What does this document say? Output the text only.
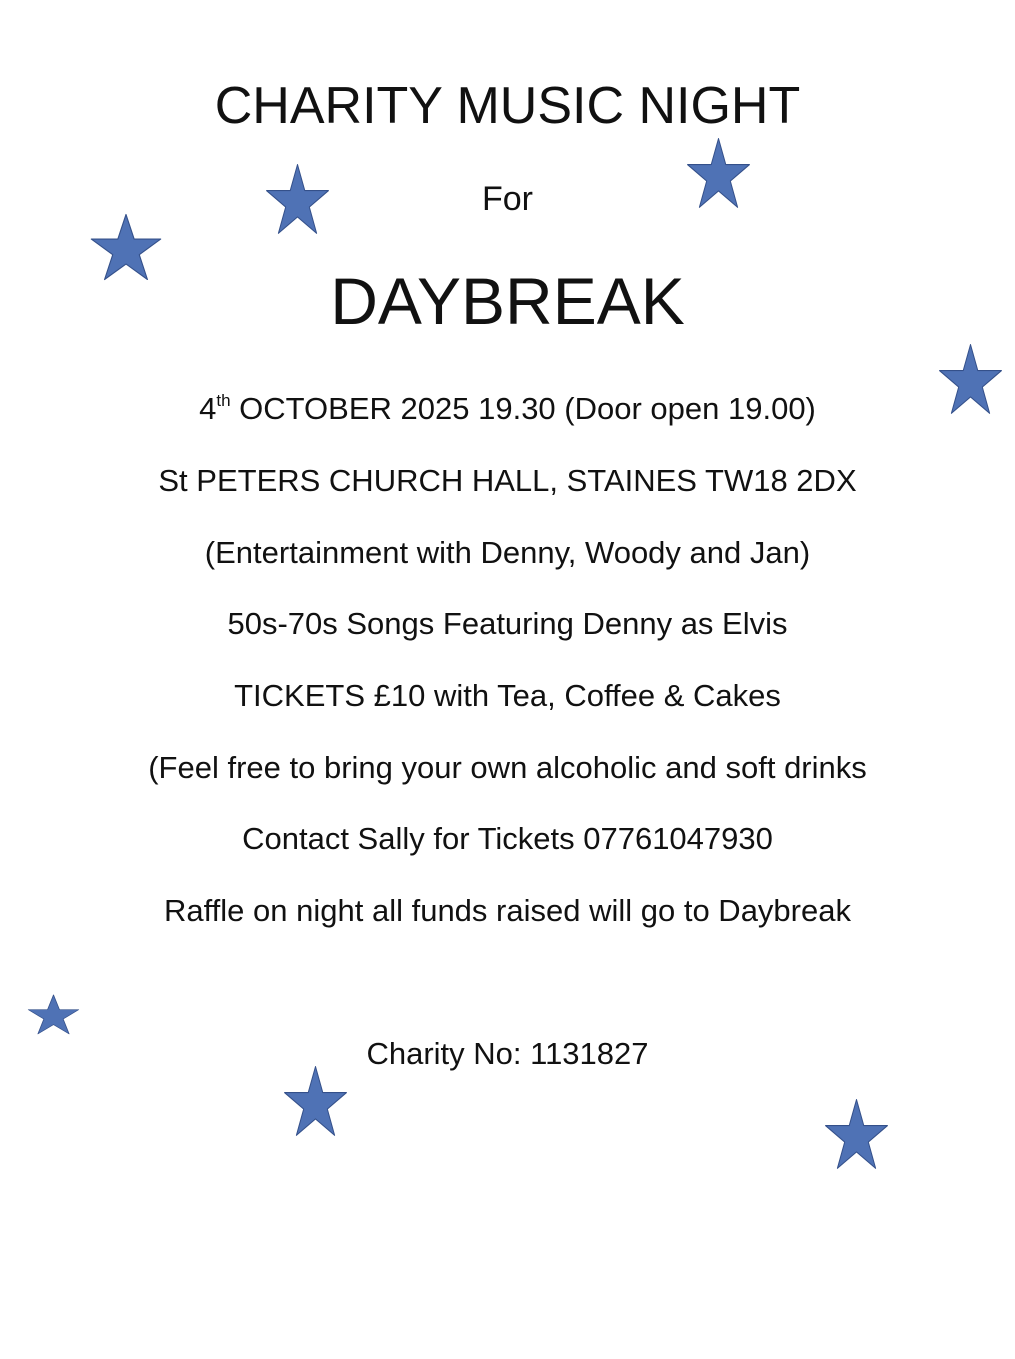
CHARITY MUSIC NIGHT
For
DAYBREAK
4th OCTOBER 2025 19.30 (Door open 19.00)
St PETERS CHURCH HALL, STAINES TW18 2DX
(Entertainment with Denny, Woody and Jan)
50s-70s Songs Featuring Denny as Elvis
TICKETS £10 with Tea, Coffee & Cakes
(Feel free to bring your own alcoholic and soft drinks
Contact Sally for Tickets 07761047930
Raffle on night all funds raised will go to Daybreak
Charity No: 1131827
